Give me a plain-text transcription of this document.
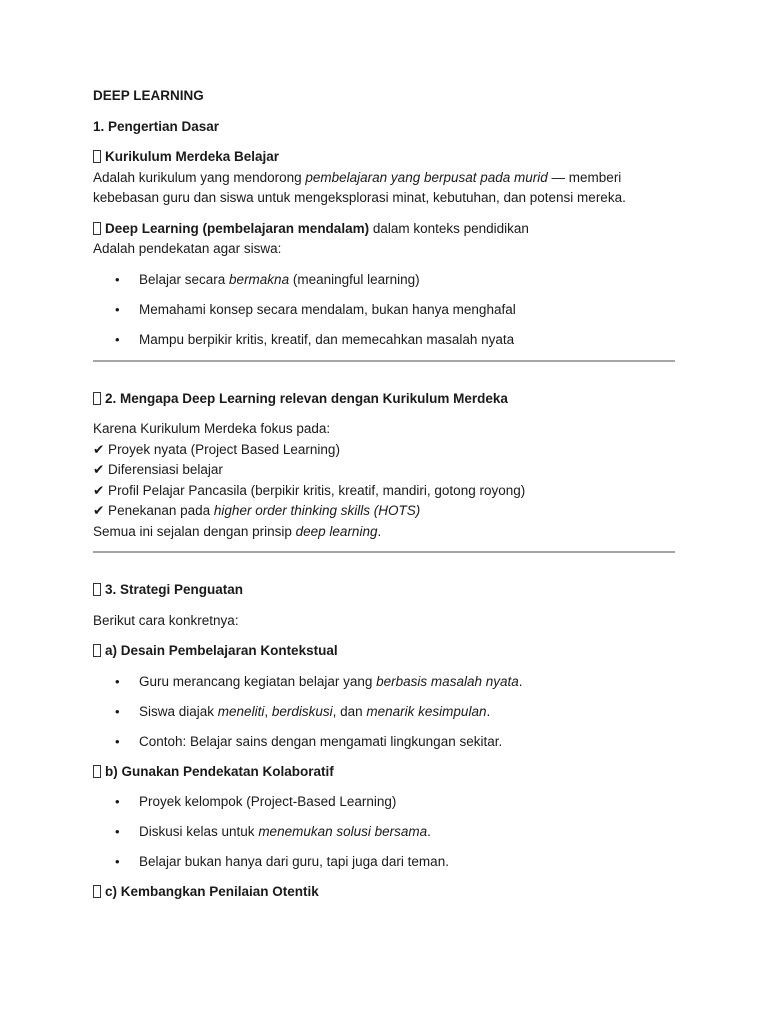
DEEP LEARNING

1. Pengertian Dasar

Kurikulum Merdeka Belajar

Adalah kurikulum yang mendorong pembelajaran yang berpusat pada murid — memberi kebebasan guru dan siswa untuk mengeksplorasi minat, kebutuhan, dan potensi mereka.

Deep Learning (pembelajaran mendalam) dalam konteks pendidikan

Adalah pendekatan agar siswa:

• Belajar secara bermakna (meaningful learning)
• Memahami konsep secara mendalam, bukan hanya menghafal
• Mampu berpikir kritis, kreatif, dan memecahkan masalah nyata

2. Mengapa Deep Learning relevan dengan Kurikulum Merdeka

Karena Kurikulum Merdeka fokus pada:

✔ Proyek nyata (Project Based Learning)

✔ Diferensiasi belajar

✔ Profil Pelajar Pancasila (berpikir kritis, kreatif, mandiri, gotong royong)

✔ Penekanan pada higher order thinking skills (HOTS)

Semua ini sejalan dengan prinsip deep learning.

3. Strategi Penguatan

Berikut cara konkretnya:

a) Desain Pembelajaran Kontekstual

• Guru merancang kegiatan belajar yang berbasis masalah nyata.
• Siswa diajak meneliti, berdiskusi, dan menarik kesimpulan.
• Contoh: Belajar sains dengan mengamati lingkungan sekitar.

b) Gunakan Pendekatan Kolaboratif

• Proyek kelompok (Project-Based Learning)
• Diskusi kelas untuk menemukan solusi bersama.
• Belajar bukan hanya dari guru, tapi juga dari teman.

c) Kembangkan Penilaian Otentik
